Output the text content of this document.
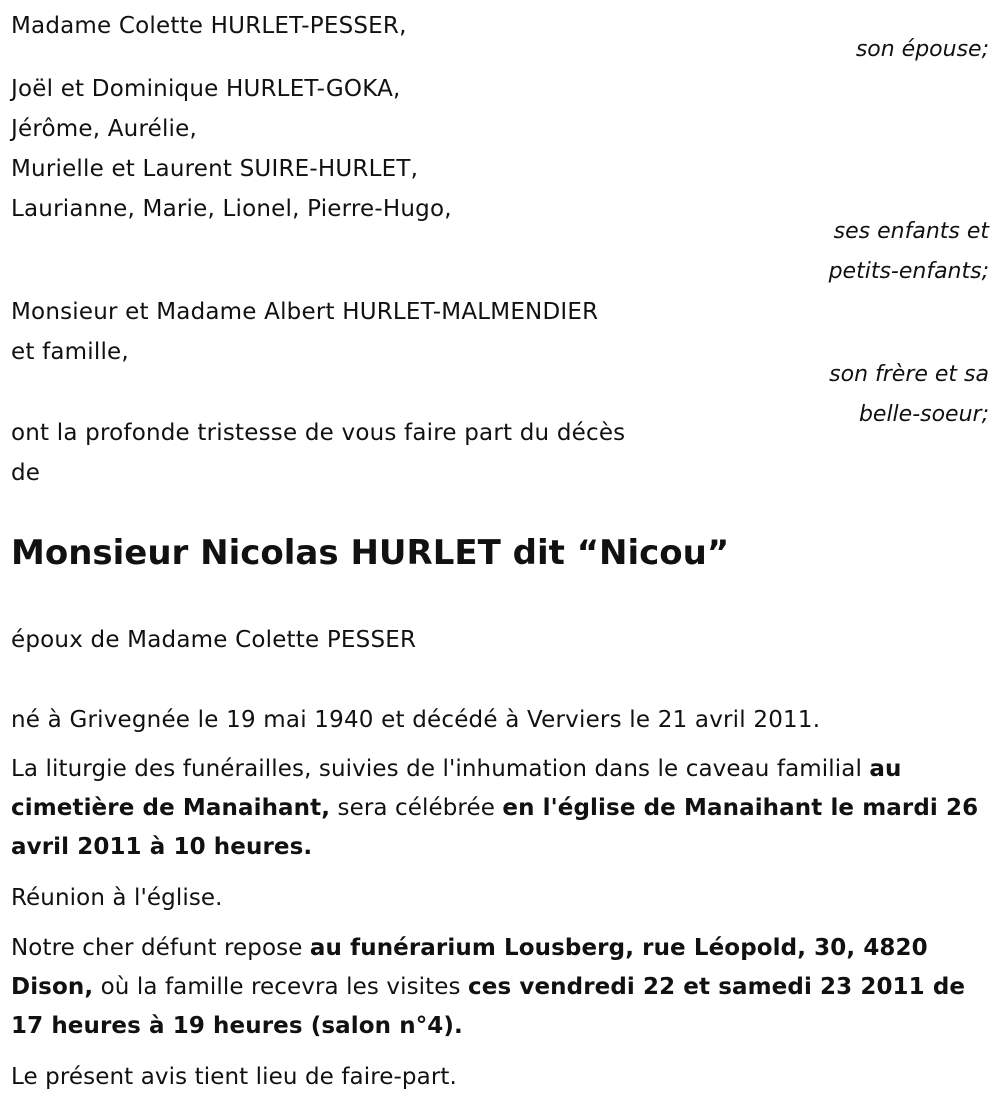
Madame Colette HURLET-PESSER,
son épouse;
Joël et Dominique HURLET-GOKA,
Jérôme, Aurélie,
Murielle et Laurent SUIRE-HURLET,
Laurianne, Marie, Lionel, Pierre-Hugo,
ses enfants et
petits-enfants;
Monsieur et Madame Albert HURLET-MALMENDIER
et famille,
son frère et sa
belle-soeur;
ont la profonde tristesse de vous faire part du décès
de
Monsieur Nicolas HURLET dit “Nicou”
époux de Madame Colette PESSER
né à Grivegnée le 19 mai 1940 et décédé à Verviers le 21 avril 2011.
La liturgie des funérailles, suivies de l'inhumation dans le caveau familial au cimetière de Manaihant, sera célébrée en l'église de Manaihant le mardi 26 avril 2011 à 10 heures.
Réunion à l'église.
Notre cher défunt repose au funérarium Lousberg, rue Léopold, 30, 4820 Dison, où la famille recevra les visites ces vendredi 22 et samedi 23 2011 de 17 heures à 19 heures (salon n°4).
Le présent avis tient lieu de faire-part.
